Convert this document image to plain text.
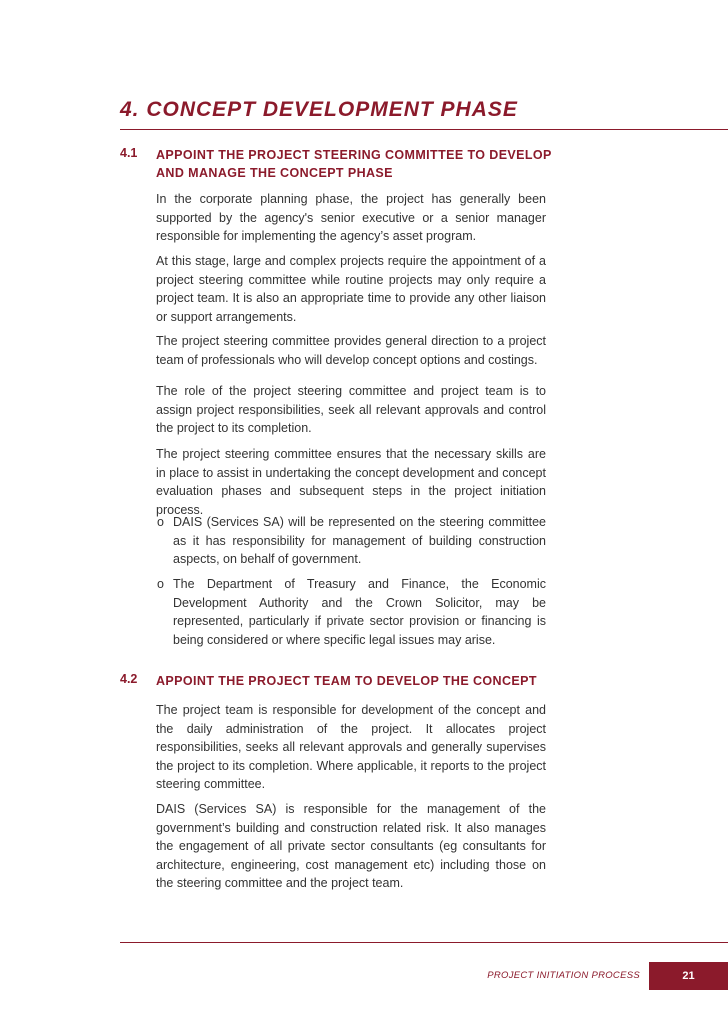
4. CONCEPT DEVELOPMENT PHASE
4.1 APPOINT THE PROJECT STEERING COMMITTEE TO DEVELOP AND MANAGE THE CONCEPT PHASE

In the corporate planning phase, the project has generally been supported by the agency's senior executive or a senior manager responsible for implementing the agency’s asset program.

At this stage, large and complex projects require the appointment of a project steering committee while routine projects may only require a project team. It is also an appropriate time to provide any other liaison or support arrangements.

The project steering committee provides general direction to a project team of professionals who will develop concept options and costings.

The role of the project steering committee and project team is to assign project responsibilities, seek all relevant approvals and control the project to its completion.

The project steering committee ensures that the necessary skills are in place to assist in undertaking the concept development and concept evaluation phases and subsequent steps in the project initiation process.

o DAIS (Services SA) will be represented on the steering committee as it has responsibility for management of building construction aspects, on behalf of government.

o The Department of Treasury and Finance, the Economic Development Authority and the Crown Solicitor, may be represented, particularly if private sector provision or financing is being considered or where specific legal issues may arise.

4.2 APPOINT THE PROJECT TEAM TO DEVELOP THE CONCEPT

The project team is responsible for development of the concept and the daily administration of the project. It allocates project responsibilities, seeks all relevant approvals and generally supervises the project to its completion. Where applicable, it reports to the project steering committee.

DAIS (Services SA) is responsible for the management of the government’s building and construction related risk. It also manages the engagement of all private sector consultants (eg consultants for architecture, engineering, cost management etc) including those on the steering committee and the project team.

PROJECT INITIATION PROCESS	21
